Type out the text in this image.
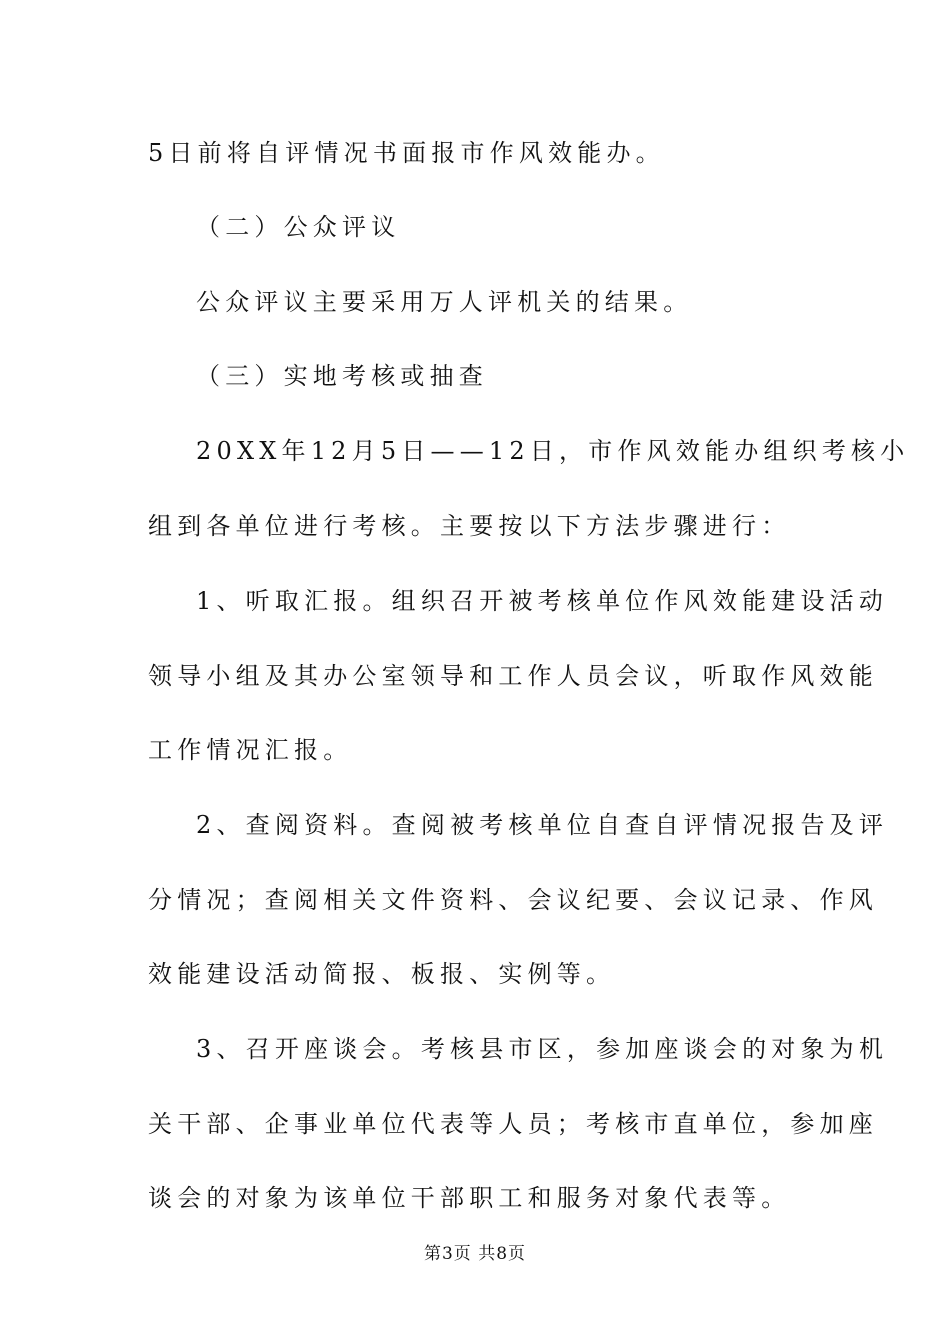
5日前将自评情况书面报市作风效能办。
（二）公众评议
公众评议主要采用万人评机关的结果。
（三）实地考核或抽查
20XX年12月5日——12日，市作风效能办组织考核小
组到各单位进行考核。主要按以下方法步骤进行：
1、听取汇报。组织召开被考核单位作风效能建设活动
领导小组及其办公室领导和工作人员会议，听取作风效能
工作情况汇报。
2、查阅资料。查阅被考核单位自查自评情况报告及评
分情况；查阅相关文件资料、会议纪要、会议记录、作风
效能建设活动简报、板报、实例等。
3、召开座谈会。考核县市区，参加座谈会的对象为机
关干部、企事业单位代表等人员；考核市直单位，参加座
谈会的对象为该单位干部职工和服务对象代表等。
第3页 共8页
